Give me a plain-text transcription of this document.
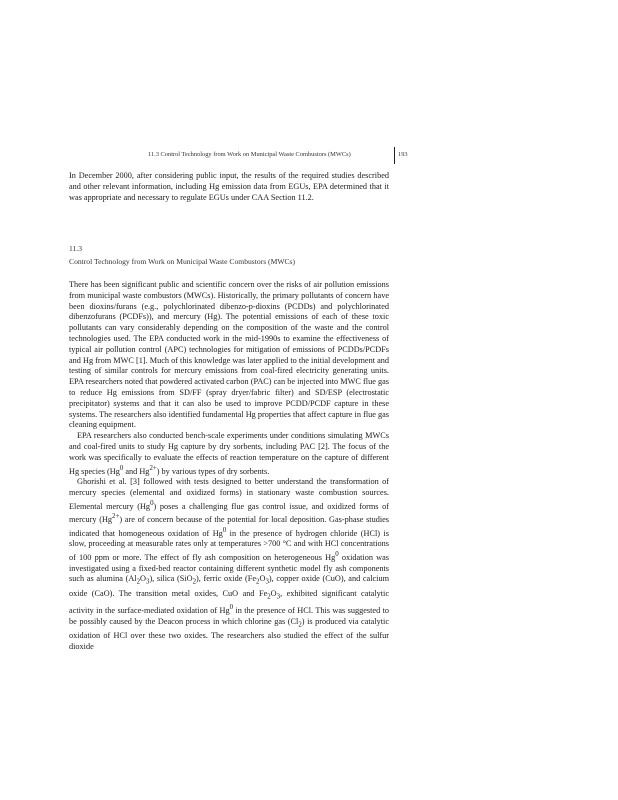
11.3 Control Technology from Work on Municipal Waste Combustors (MWCs)	193

In December 2000, after considering public input, the results of the required studies described and other relevant information, including Hg emission data from EGUs, EPA determined that it was appropriate and necessary to regulate EGUs under CAA Section 11.2.

11.3
Control Technology from Work on Municipal Waste Combustors (MWCs)

There has been significant public and scientific concern over the risks of air pollution emissions from municipal waste combustors (MWCs). Historically, the primary pollutants of concern have been dioxins/furans (e.g., polychlorinated dibenzo-p-dioxins (PCDDs) and polychlorinated dibenzofurans (PCDFs)), and mercury (Hg). The potential emissions of each of these toxic pollutants can vary considerably depending on the composition of the waste and the control technologies used. The EPA conducted work in the mid-1990s to examine the effectiveness of typical air pollution control (APC) technologies for mitigation of emissions of PCDDs/PCDFs and Hg from MWC [1]. Much of this knowledge was later applied to the initial development and testing of similar controls for mercury emissions from coal-fired electricity generating units. EPA researchers noted that powdered activated carbon (PAC) can be injected into MWC flue gas to reduce Hg emissions from SD/FF (spray dryer/fabric filter) and SD/ESP (electrostatic precipitator) systems and that it can also be used to improve PCDD/PCDF capture in these systems. The researchers also identified fundamental Hg properties that affect capture in flue gas cleaning equipment.

EPA researchers also conducted bench-scale experiments under conditions simulating MWCs and coal-fired units to study Hg capture by dry sorbents, including PAC [2]. The focus of the work was specifically to evaluate the effects of reaction temperature on the capture of different Hg species (Hg$^0$ and $Hg^{2+}$) by various types of dry sorbents.

Ghorishi et al. [3] followed with tests designed to better understand the transformation of mercury species (elemental and oxidized forms) in stationary waste combustion sources. Elemental mercury (Hg$^0$) poses a challenging flue gas control issue, and oxidized forms of mercury $(Hg^{2+})$ are of concern because of the potential for local deposition. Gas-phase studies indicated that homogeneous oxidation of Hg$^0$ in the presence of hydrogen chloride (HCl) is slow, proceeding at measurable rates only at temperatures >700 °C and with HCl concentrations of 100 ppm or more. The effect of fly ash composition on heterogeneous Hg$^0$ oxidation was investigated using a fixed-bed reactor containing different synthetic model fly ash components such as alumina $(Al_2O_3)$, silica (SiO$_2$), ferric oxide $(Fe_2O_3)$, copper oxide (CuO), and calcium oxide (CaO). The transition metal oxides, CuO and $Fe_2O_3$, exhibited significant catalytic activity in the surface-mediated oxidation of Hg$^0$ in the presence of HCl. This was suggested to be possibly caused by the Deacon process in which chlorine gas $(Cl_2)$ is produced via catalytic oxidation of HCl over these two oxides. The researchers also studied the effect of the sulfur dioxide
